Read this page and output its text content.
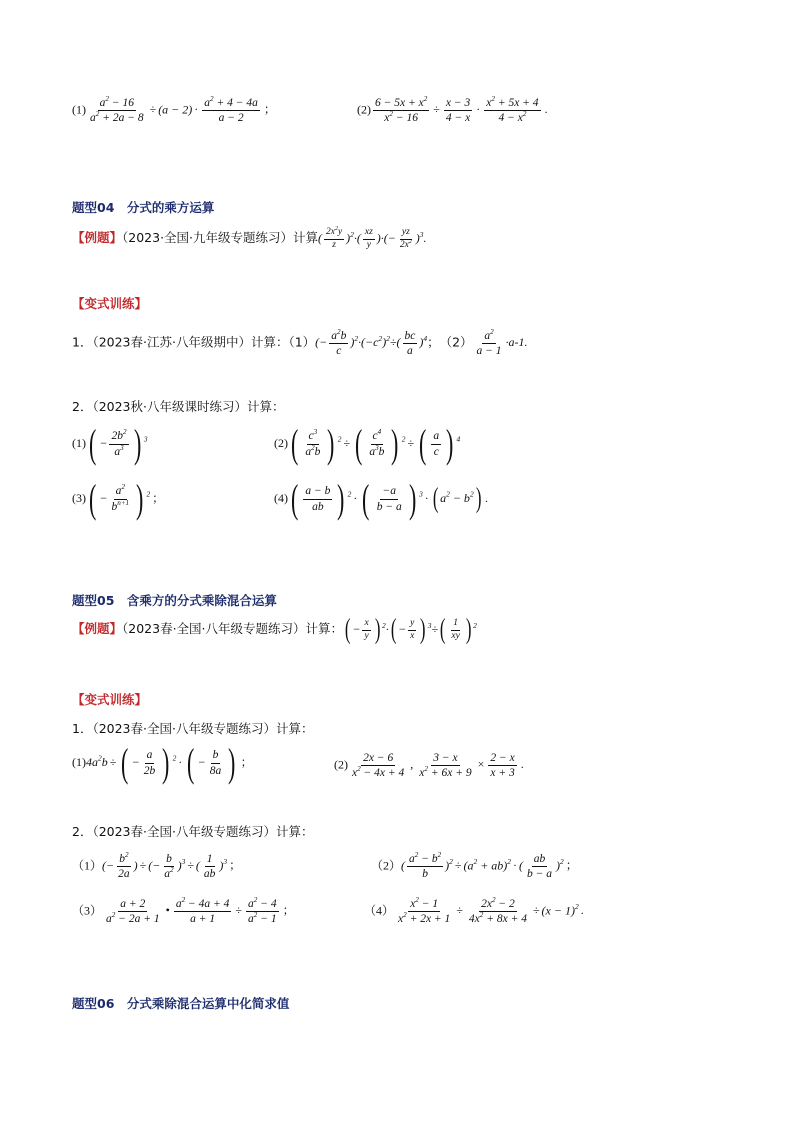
$(1) \frac{a^2 - 16}{a^2 + 2a - 8} \div (a - 2) \cdot \frac{a^2 + 4 - 4a}{a - 2}$ ；	$(2) \frac{6 - 5x + x^2}{x^2 - 16} \div \frac{x - 3}{4 - x} \cdot \frac{x^2 + 5x + 4}{4 - x^2}$ .
题型04　分式的乘方运算
【例题】（2023·全国·九年级专题练习）计算( $\frac{2x^2y}{z} )^2\cdot( \frac{xz}{y}$ )·(− $\frac{yz}{2x^2} )^3$.
【变式训练】
1．（2023春·江苏·八年级期中）计算：$(1)(- \frac{a^2b}{c} )^2\cdot(-c^2)^2\div( \frac{bc}{a} )^4$；　$(2) \frac{a^2}{a - 1} \cdot a-1$.
2．（2023秋·八年级课时练习）计算：
$(1)( - \frac{2b^2}{a^3}$ ) $^3$	$(2)( \frac{c^3}{a^2b}$ ) $^2$ ÷ ( $\frac{c^4}{a^3b}$ ) $^2$ ÷ ( $\frac{a}{c}$ ) $^4$
$(3)( - \frac{a^2}{b^{n+1}}$ ) $^2$ ；	$(4)( \frac{a - b}{ab}$ ) $^2$ · ( $\frac{-a}{b - a}$ ) $^3$ · ( $a^2 - b^2$) .
题型05　含乘方的分式乘除混合运算
【例题】（2023春·全国·八年级专题练习）计算：( − $\frac{x}{y}$ ) $^2\cdot( - \frac{y}{x}$ ) $^3\div( \frac{1}{xy}$ ) $^2$
【变式训练】
1．（2023春·全国·八年级专题练习）计算：
$(1)4a^2b$ ÷ ( − $\frac{a}{2b}$ ) $^2$ · ( − $\frac{b}{8a}$ ) ；	$(2) \frac{2x - 6}{x^2 - 4x + 4}$ , $\frac{3 - x}{x^2 + 6x + 9} \times \frac{2 - x}{x + 3}$ .
2．（2023春·全国·八年级专题练习）计算：
$(1)(- \frac{b^2}{2a}$ ) ÷ (− $\frac{b}{a^2} )^3$ ÷ ( $\frac{1}{ab} )^3$ ；	$(2)( \frac{a^2 - b^2}{b} )^2 \div (a^2 + ab)^2$ · ( $\frac{ab}{b - a} )^2$ ；
$(3) \frac{a + 2}{a^2 - 2a + 1}$ • $\frac{a^2 - 4a + 4}{a + 1} \div \frac{a^2 - 4}{a^2 - 1}$ ；	$(4) \frac{x^2 - 1}{x^2 + 2x + 1} \div \frac{2x^2 - 2}{4x^2 + 8x + 4} \div (x - 1)^2$ .
题型06　分式乘除混合运算中化简求值
